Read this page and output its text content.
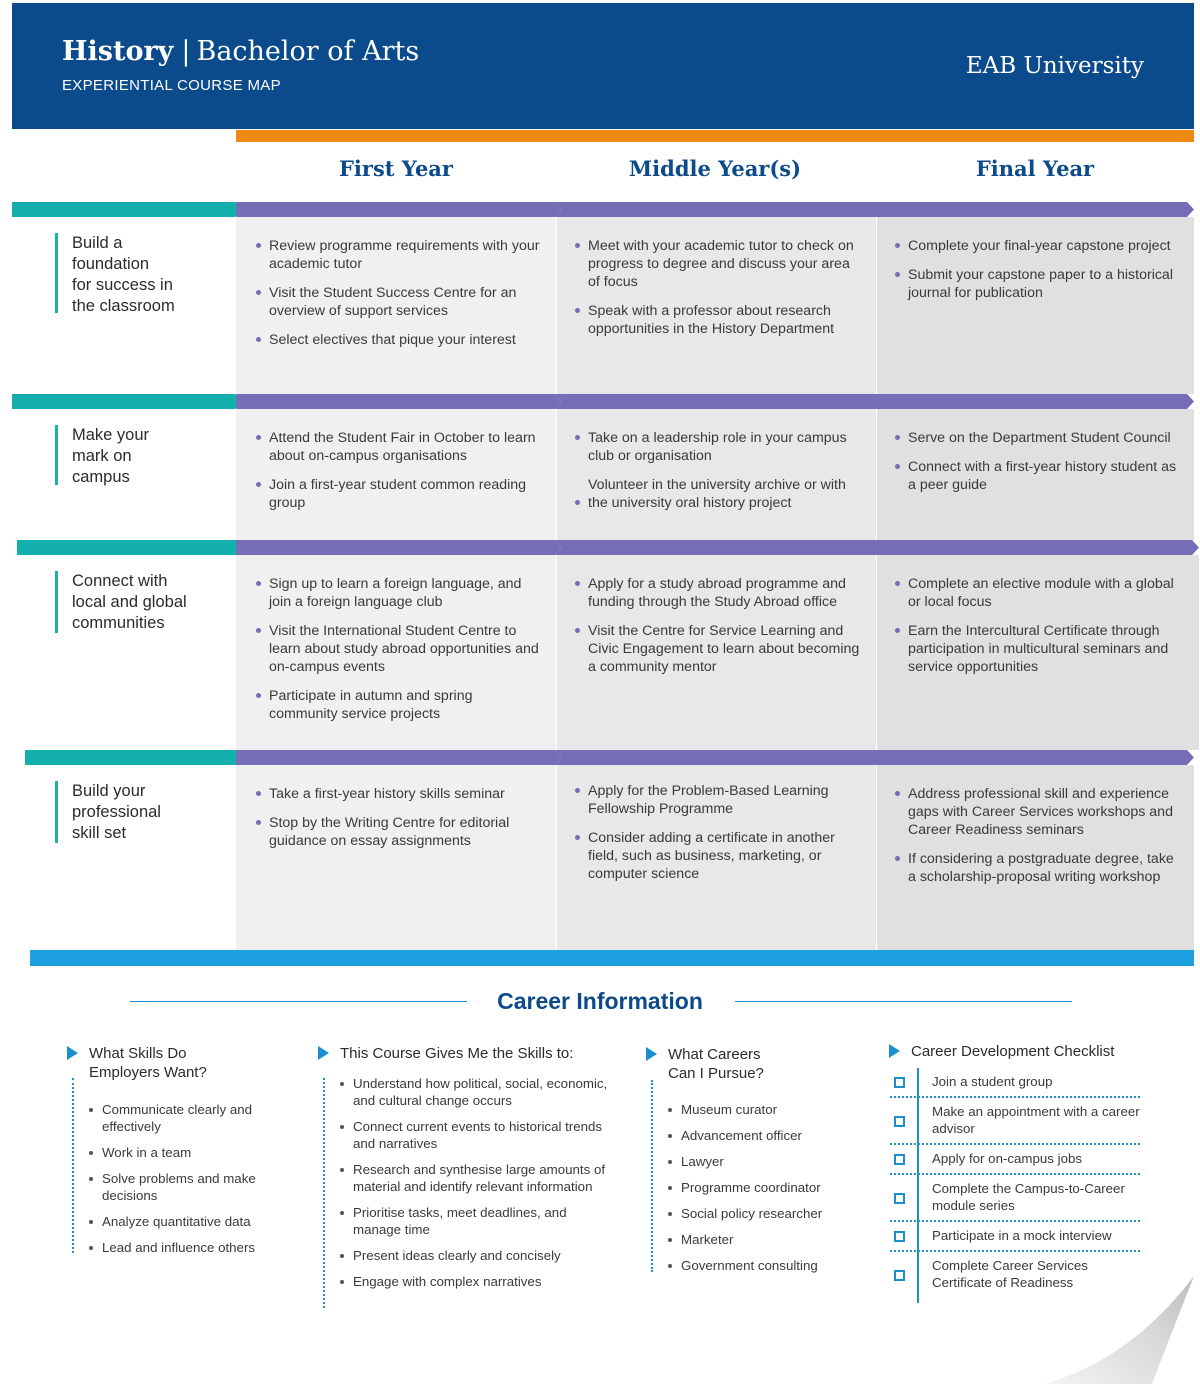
History | Bachelor of Arts
EXPERIENTIAL COURSE MAP
EAB University
First Year	Middle Year(s)	Final Year
Build a
foundation
for success in
the classroom
Review programme requirements with your academic tutor
Visit the Student Success Centre for an overview of support services
Select electives that pique your interest
Meet with your academic tutor to check on progress to degree and discuss your area of focus
Speak with a professor about research opportunities in the History Department
Complete your final-year capstone project
Submit your capstone paper to a historical journal for publication
Make your
mark on
campus
Attend the Student Fair in October to learn about on-campus organisations
Join a first-year student common reading group
Take on a leadership role in your campus club or organisation
Volunteer in the university archive or with the university oral history project
Serve on the Department Student Council
Connect with a first-year history student as a peer guide
Connect with
local and global
communities
Sign up to learn a foreign language, and join a foreign language club
Visit the International Student Centre to learn about study abroad opportunities and on-campus events
Participate in autumn and spring community service projects
Apply for a study abroad programme and funding through the Study Abroad office
Visit the Centre for Service Learning and Civic Engagement to learn about becoming a community mentor
Complete an elective module with a global or local focus
Earn the Intercultural Certificate through participation in multicultural seminars and service opportunities
Build your
professional
skill set
Take a first-year history skills seminar
Stop by the Writing Centre for editorial guidance on essay assignments
Apply for the Problem-Based Learning Fellowship Programme
Consider adding a certificate in another field, such as business, marketing, or computer science
Address professional skill and experience gaps with Career Services workshops and Career Readiness seminars
If considering a postgraduate degree, take a scholarship-proposal writing workshop
Career Information
What Skills Do
Employers Want?
Communicate clearly and effectively
Work in a team
Solve problems and make decisions
Analyze quantitative data
Lead and influence others
This Course Gives Me the Skills to:
Understand how political, social, economic, and cultural change occurs
Connect current events to historical trends and narratives
Research and synthesise large amounts of material and identify relevant information
Prioritise tasks, meet deadlines, and manage time
Present ideas clearly and concisely
Engage with complex narratives
What Careers
Can I Pursue?
Museum curator
Advancement officer
Lawyer
Programme coordinator
Social policy researcher
Marketer
Government consulting
Career Development Checklist
Join a student group
Make an appointment with a career advisor
Apply for on-campus jobs
Complete the Campus-to-Career module series
Participate in a mock interview
Complete Career Services Certificate of Readiness
